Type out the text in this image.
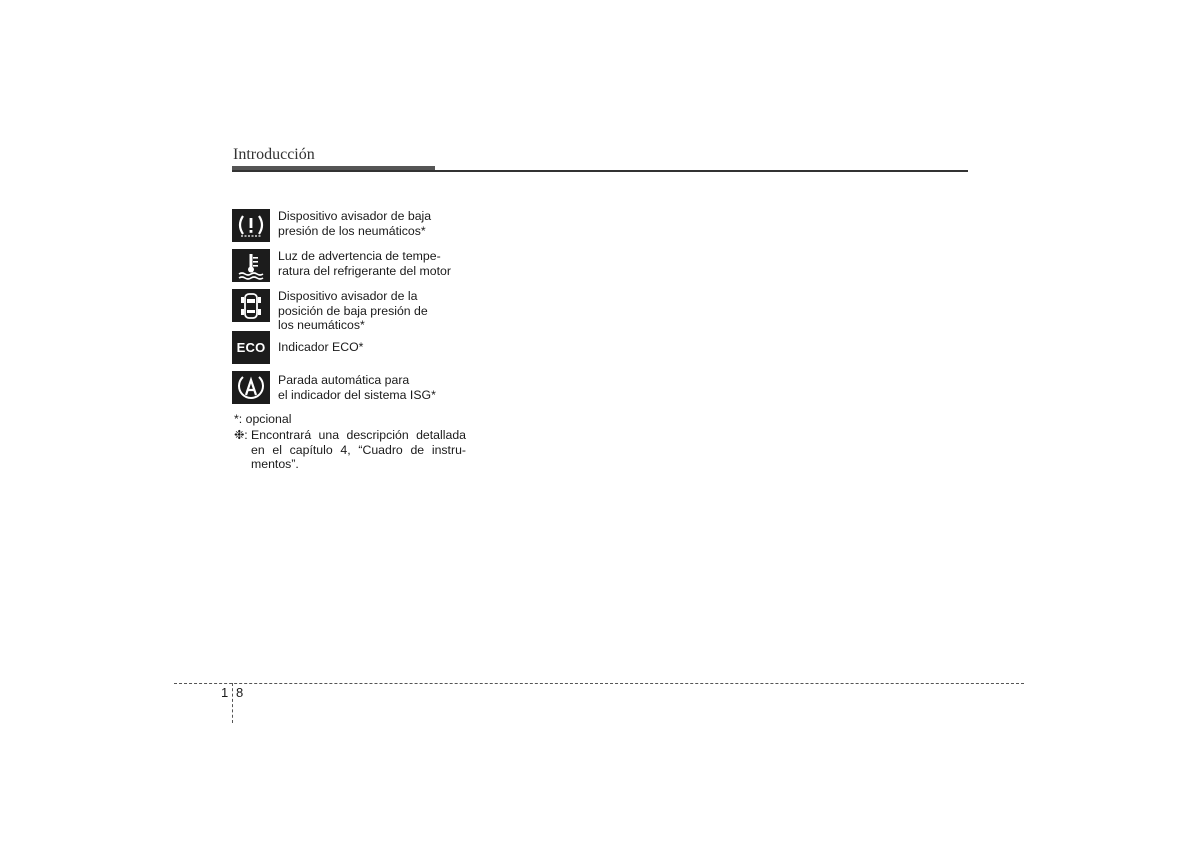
Introducción
Dispositivo avisador de baja
presión de los neumáticos*
Luz de advertencia de tempe-
ratura del refrigerante del motor
Dispositivo avisador de la
posición de baja presión de
los neumáticos*
ECO Indicador ECO*
Parada automática para
el indicador del sistema ISG*
*: opcional
❉: Encontrará una descripción detallada en el capítulo 4, “Cuadro de instru-mentos”.
1 8
